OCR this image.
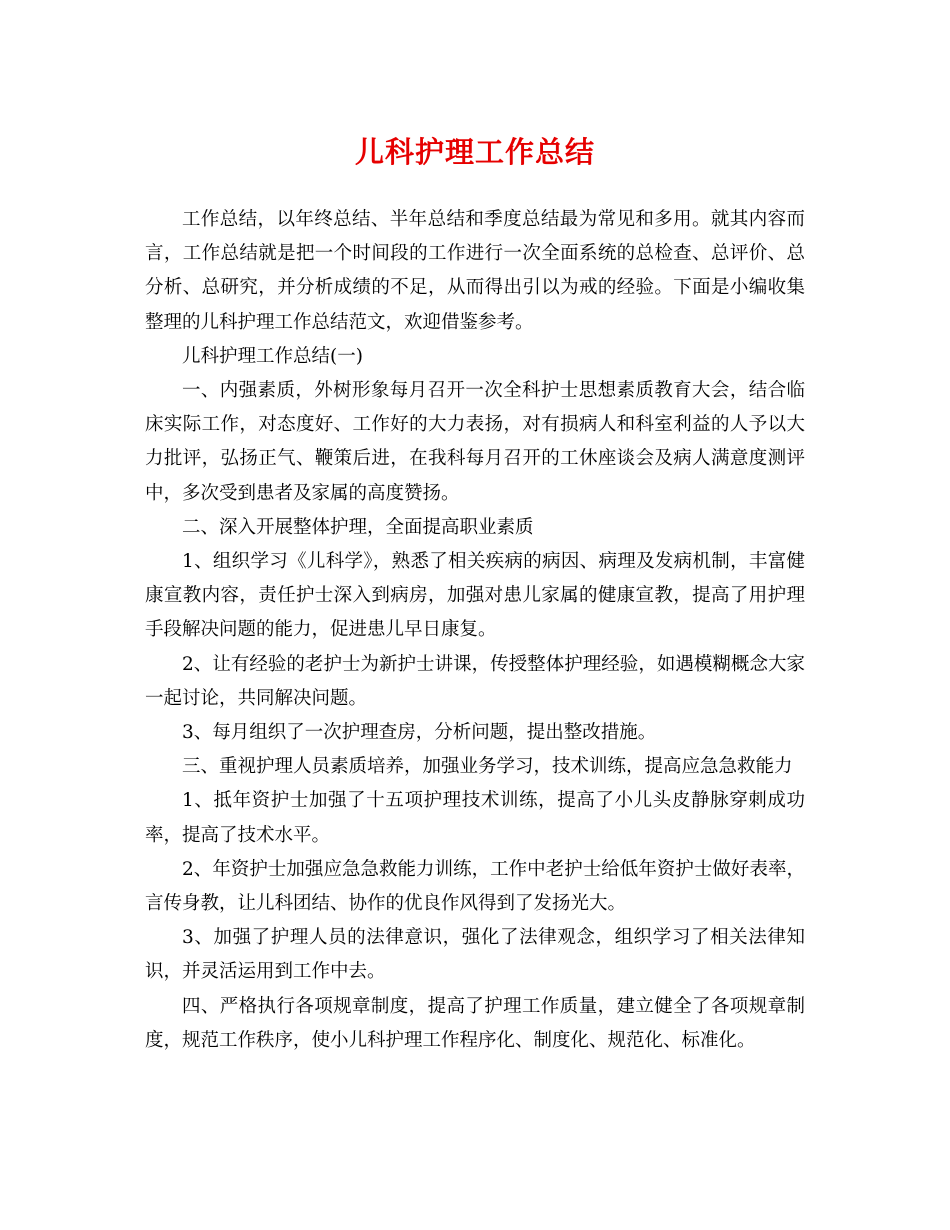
儿科护理工作总结

工作总结，以年终总结、半年总结和季度总结最为常见和多用。就其内容而言，工作总结就是把一个时间段的工作进行一次全面系统的总检查、总评价、总分析、总研究，并分析成绩的不足，从而得出引以为戒的经验。下面是小编收集整理的儿科护理工作总结范文，欢迎借鉴参考。

儿科护理工作总结(一)

一、内强素质，外树形象每月召开一次全科护士思想素质教育大会，结合临床实际工作，对态度好、工作好的大力表扬，对有损病人和科室利益的人予以大力批评，弘扬正气、鞭策后进，在我科每月召开的工休座谈会及病人满意度测评中，多次受到患者及家属的高度赞扬。

二、深入开展整体护理，全面提高职业素质

1、组织学习《儿科学》，熟悉了相关疾病的病因、病理及发病机制，丰富健康宣教内容，责任护士深入到病房，加强对患儿家属的健康宣教，提高了用护理手段解决问题的能力，促进患儿早日康复。

2、让有经验的老护士为新护士讲课，传授整体护理经验，如遇模糊概念大家一起讨论，共同解决问题。

3、每月组织了一次护理查房，分析问题，提出整改措施。

三、重视护理人员素质培养，加强业务学习，技术训练，提高应急急救能力

1、抵年资护士加强了十五项护理技术训练，提高了小儿头皮静脉穿刺成功率，提高了技术水平。

2、年资护士加强应急急救能力训练，工作中老护士给低年资护士做好表率，言传身教，让儿科团结、协作的优良作风得到了发扬光大。

3、加强了护理人员的法律意识，强化了法律观念，组织学习了相关法律知识，并灵活运用到工作中去。

四、严格执行各项规章制度，提高了护理工作质量，建立健全了各项规章制度，规范工作秩序，使小儿科护理工作程序化、制度化、规范化、标准化。
